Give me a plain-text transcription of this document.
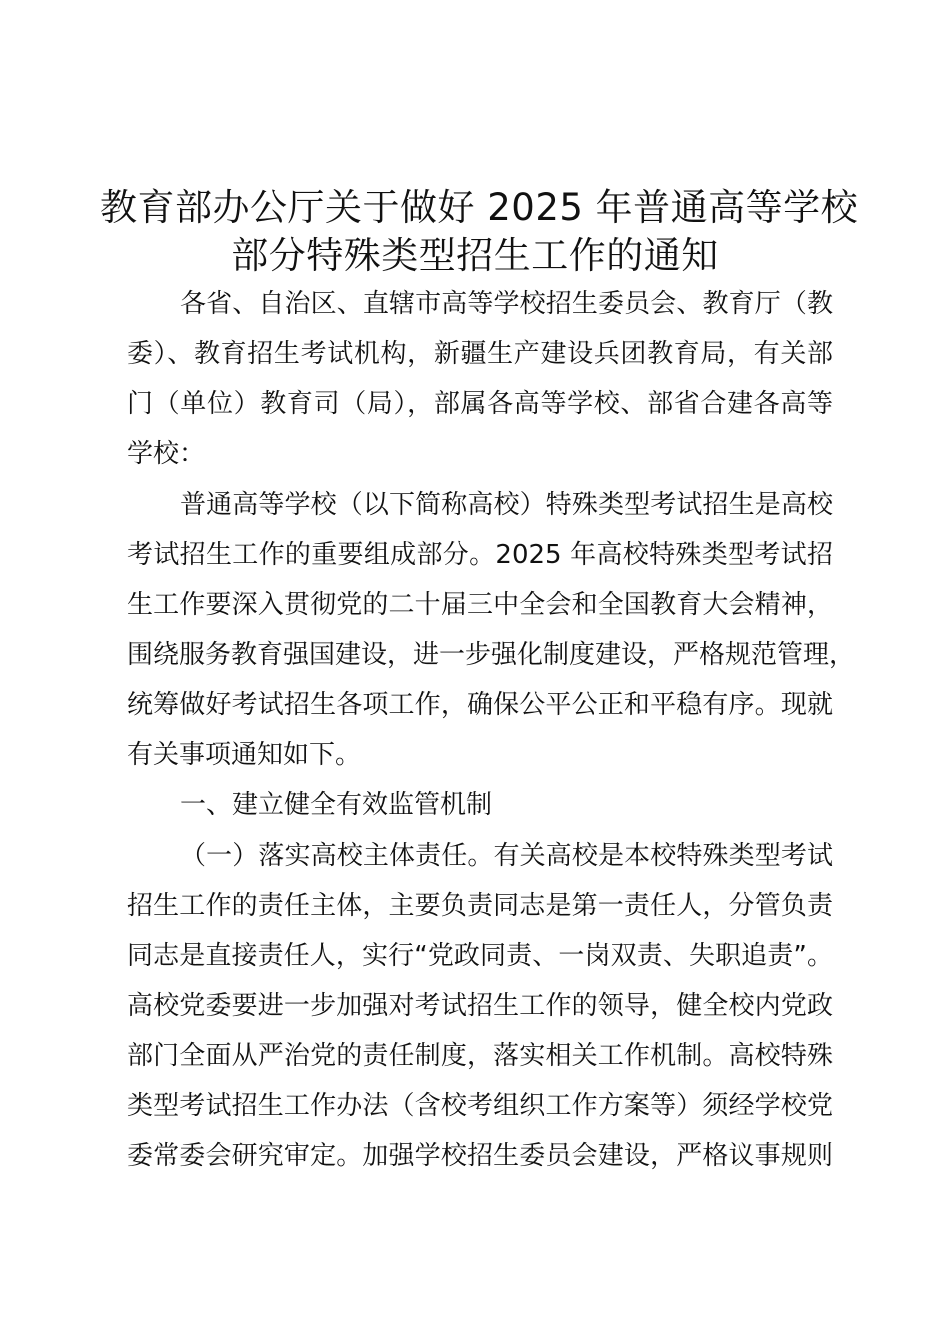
教育部办公厅关于做好 2025 年普通高等学校
部分特殊类型招生工作的通知
各省、自治区、直辖市高等学校招生委员会、教育厅（教
委）、教育招生考试机构，新疆生产建设兵团教育局，有关部
门（单位）教育司（局），部属各高等学校、部省合建各高等
学校：
普通高等学校（以下简称高校）特殊类型考试招生是高校
考试招生工作的重要组成部分。2025 年高校特殊类型考试招
生工作要深入贯彻党的二十届三中全会和全国教育大会精神，
围绕服务教育强国建设，进一步强化制度建设，严格规范管理，
统筹做好考试招生各项工作，确保公平公正和平稳有序。现就
有关事项通知如下。
一、建立健全有效监管机制
（一）落实高校主体责任。有关高校是本校特殊类型考试
招生工作的责任主体，主要负责同志是第一责任人，分管负责
同志是直接责任人，实行“党政同责、一岗双责、失职追责”。
高校党委要进一步加强对考试招生工作的领导，健全校内党政
部门全面从严治党的责任制度，落实相关工作机制。高校特殊
类型考试招生工作办法（含校考组织工作方案等）须经学校党
委常委会研究审定。加强学校招生委员会建设，严格议事规则
